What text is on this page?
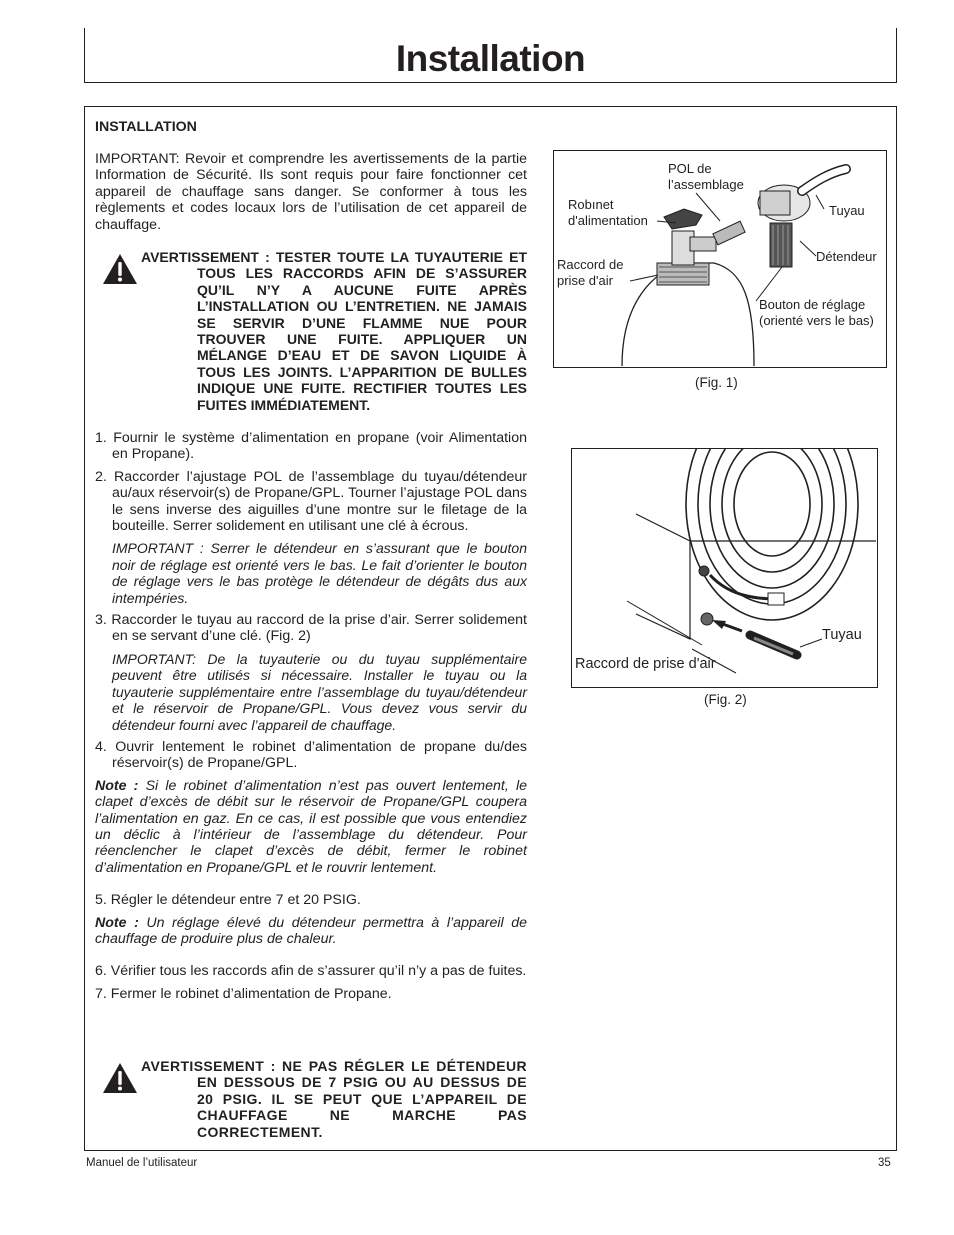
Installation
INSTALLATION
IMPORTANT: Revoir et comprendre les avertissements de la partie Information de Sécurité. Ils sont requis pour faire fonctionner cet appareil de chauffage sans danger. Se conformer à tous les règlements et codes locaux lors de l’utilisation de cet appareil de chauffage.
AVERTISSEMENT : TESTER TOUTE LA TUYAUTERIE ET TOUS LES RACCORDS AFIN DE S’ASSURER QU’IL N’Y A AUCUNE FUITE APRÈS L’INSTALLATION OU L’ENTRETIEN. NE JAMAIS SE SERVIR D’UNE FLAMME NUE POUR TROUVER UNE FUITE. APPLIQUER UN MÉLANGE D’EAU ET DE SAVON LIQUIDE À TOUS LES JOINTS. L’APPARITION DE BULLES INDIQUE UNE FUITE. RECTIFIER TOUTES LES FUITES IMMÉDIATEMENT.
1. Fournir le système d’alimentation en propane (voir Alimentation en Propane).
2. Raccorder l’ajustage POL de l’assemblage du tuyau/détendeur au/aux réservoir(s) de Propane/GPL. Tourner l’ajustage POL dans le sens inverse des aiguilles d’une montre sur le filetage de la bouteille. Serrer solidement en utilisant une clé à écrous.
IMPORTANT : Serrer le détendeur en s’assurant que le bouton noir de réglage est orienté vers le bas. Le fait d’orienter le bouton de réglage vers le bas protège le détendeur de dégâts dus aux intempéries.
3. Raccorder le tuyau au raccord de la prise d’air. Serrer solidement en se servant d’une clé. (Fig. 2)
IMPORTANT: De la tuyauterie ou du tuyau supplémentaire peuvent être utilisés si nécessaire. Installer le tuyau ou la tuyauterie supplémentaire entre l’assemblage du tuyau/détendeur et le réservoir de Propane/GPL. Vous devez vous servir du détendeur fourni avec l’appareil de chauffage.
4. Ouvrir lentement le robinet d’alimentation de propane du/des réservoir(s) de Propane/GPL.

Note : Si le robinet d’alimentation n’est pas ouvert lentement, le clapet d’excès de débit sur le réservoir de Propane/GPL coupera l’alimentation en gaz. En ce cas, il est possible que vous entendiez un déclic à l’intérieur de l’assemblage du détendeur. Pour réenclencher le clapet d’excès de débit, fermer le robinet d’alimentation en Propane/GPL et le rouvrir lentement.

5. Régler le détendeur entre 7 et 20 PSIG.

Note : Un réglage élevé du détendeur permettra à l’appareil de chauffage de produire plus de chaleur.

6. Vérifier tous les raccords afin de s’assurer qu’il n’y a pas de fuites.
7. Fermer le robinet d’alimentation de Propane.
AVERTISSEMENT : NE PAS RÉGLER LE DÉTENDEUR EN DESSOUS DE 7 PSIG OU AU DESSUS DE 20 PSIG. IL SE PEUT QUE L’APPAREIL DE CHAUFFAGE NE MARCHE PAS CORRECTEMENT.
POL de l’assemblage
Robınet d'alimentation
Tuyau
Raccord de prise d'air
Détendeur
Bouton de réglage (orienté vers le bas)
(Fig. 1)
Tuyau
Raccord de prise d'air
(Fig. 2)
Manuel de l’utilisateur	35
